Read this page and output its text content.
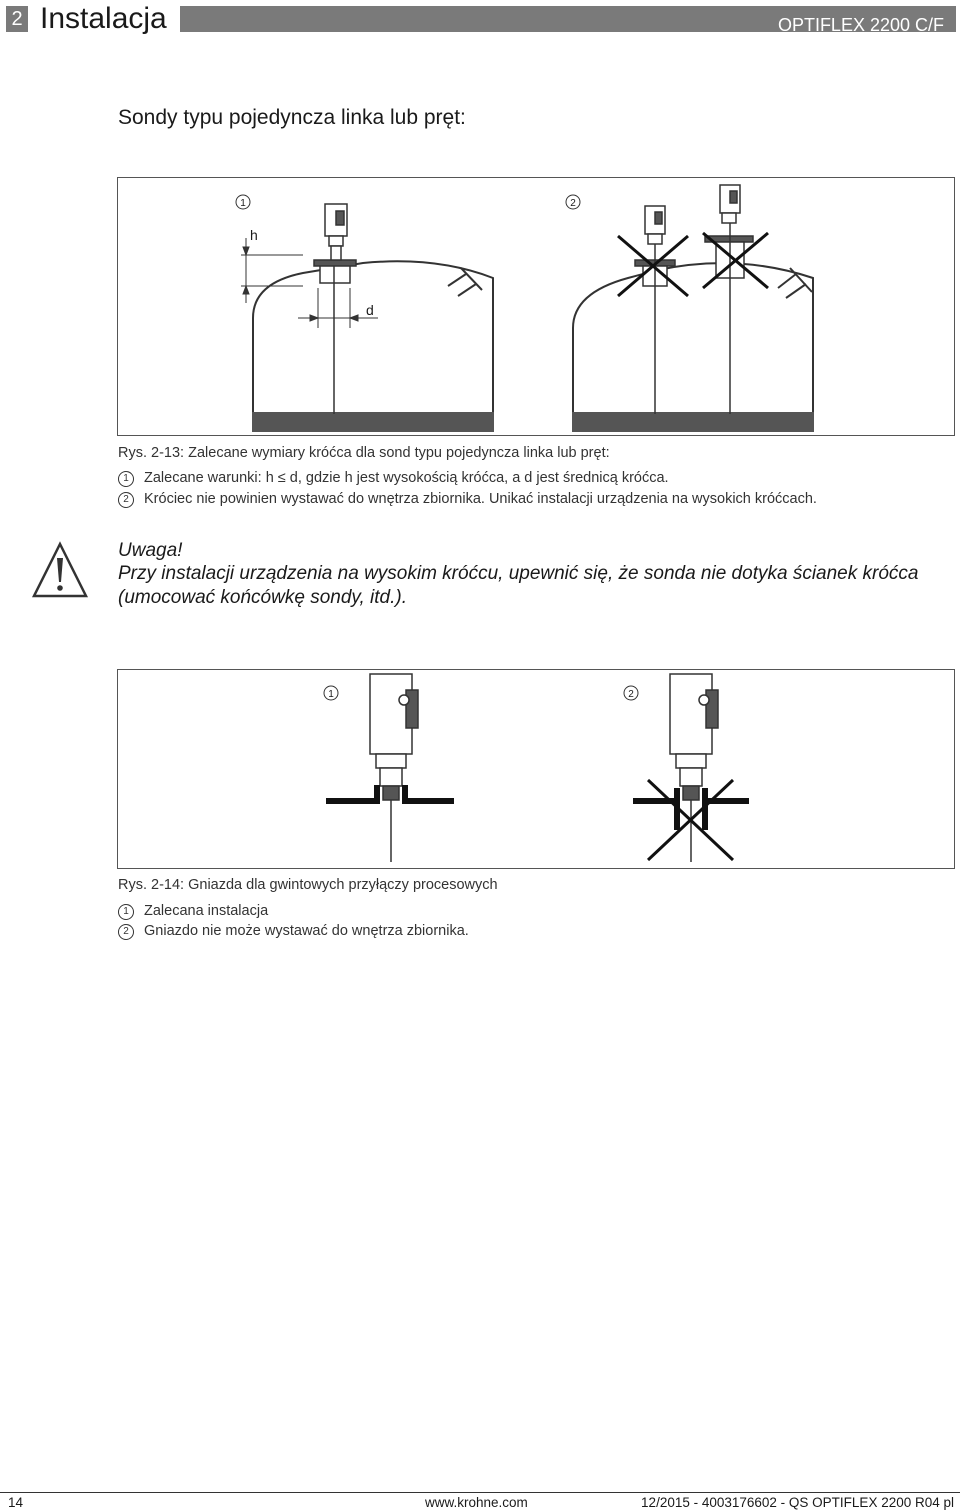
2 Instalacja	OPTIFLEX 2200 C/F
Sondy typu pojedyncza linka lub pręt:
h
d
1	2
Rys. 2-13: Zalecane wymiary króćca dla sond typu pojedyncza linka lub pręt:
1 Zalecane warunki: h ≤ d, gdzie h jest wysokością króćca, a d jest średnicą króćca.
2 Króciec nie powinien wystawać do wnętrza zbiornika. Unikać instalacji urządzenia na wysokich króćcach.
Uwaga!
Przy instalacji urządzenia na wysokim króćcu, upewnić się, że sonda nie dotyka ścianek króćca (umocować końcówkę sondy, itd.).
1	2
Rys. 2-14: Gniazda dla gwintowych przyłączy procesowych
1 Zalecana instalacja
2 Gniazdo nie może wystawać do wnętrza zbiornika.
14	www.krohne.com	12/2015 - 4003176602 - QS OPTIFLEX 2200 R04 pl
